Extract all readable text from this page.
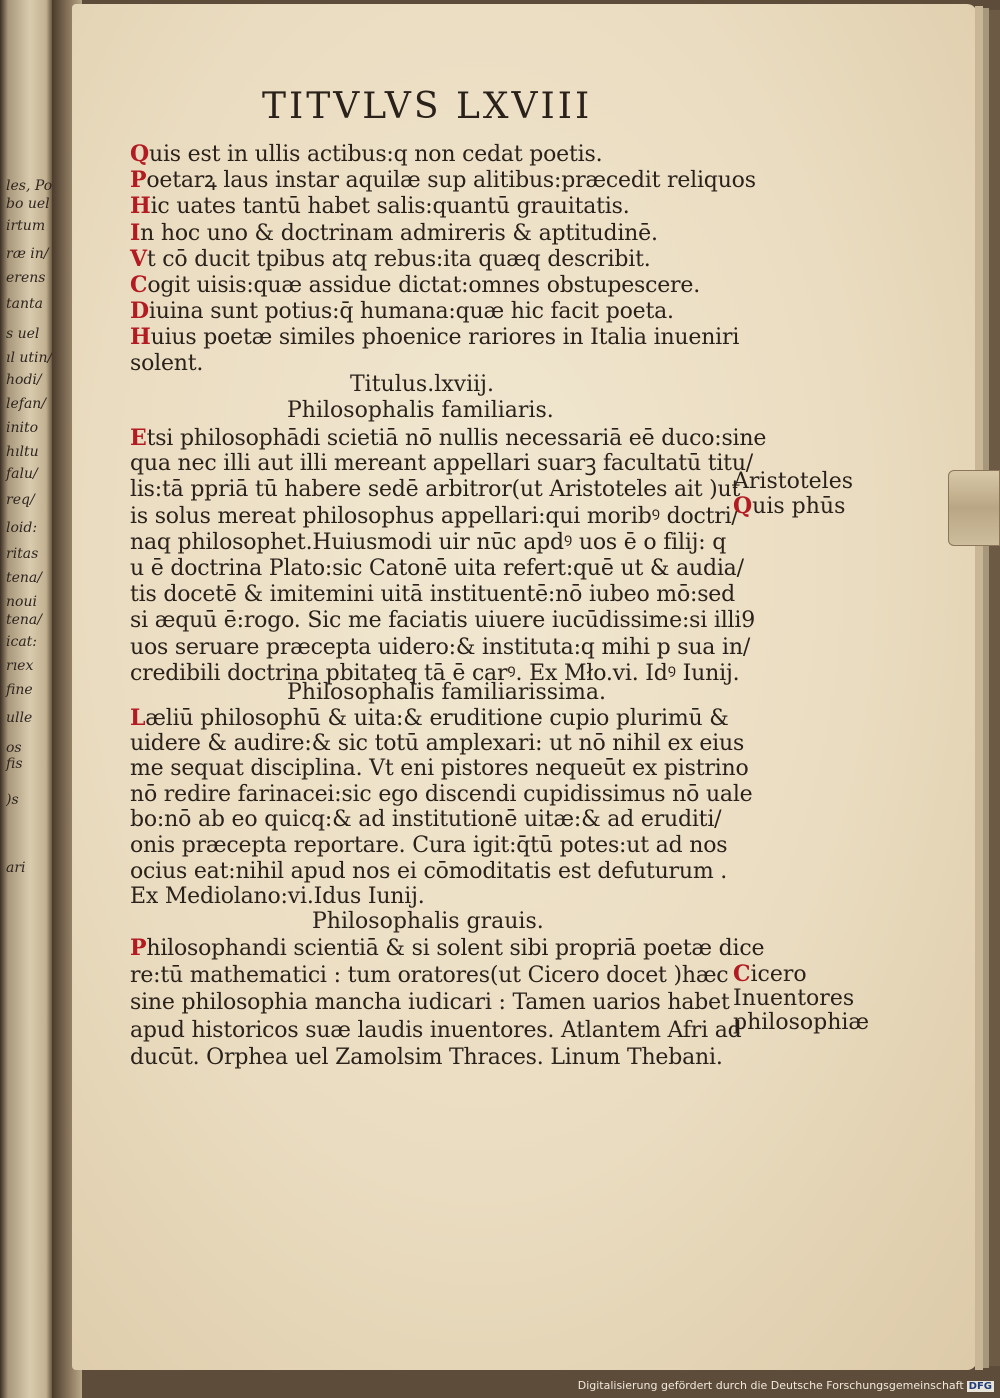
les, Po
bo uel
irtum
ræ in/
erens
tanta
s uel
ıl utin/
hodi/
lefan/
inito
hıltu
falu/
req/
loid:
ritas
tena/
noui
tena/
icat:
rıex
fine
ulle
os
fis
)s
ari
TITVLVS LXVIII
Quis est in ullis actibus:q non cedat poetis.
Poetarꝝ laus instar aquilæ sup alitibus:præcedit reliquos
Hic uates tantū habet salis:quantū grauitatis.
In hoc uno & doctrinam admireris & aptitudinē.
Vt cō ducit tpibus atq rebus:ita quæq describit.
Cogit uisis:quæ assidue dictat:omnes obstupescere.
Diuina sunt potius:q̄ humana:quæ hic facit poeta.
Huius poetæ similes phoenice rariores in Italia inueniri
solent.
Titulus.lxviij.
Philosophalis familiaris.
Etsi philosophādi scietiā nō nullis necessariā eē duco:sine
qua nec illi aut illi mereant appellari suarꝫ facultatū titu/
lis:tā ppriā tū habere sedē arbitror(ut Aristoteles ait )ut
is solus mereat philosophus appellari:qui moribꝰ doctri/
naq philosophet.Huiusmodi uir nūc apdꝰ uos ē o filij: q
u ē doctrina Plato:sic Catonē uita refert:quē ut & audia/
tis docetē & imitemini uitā instituentē:nō iubeo mō:sed
si æquū ē:rogo. Sic me faciatis uiuere iucūdissime:si illi9
uos seruare præcepta uidero:& instituta:q mihi p sua in/
credibili doctrina pbitateq tā ē carꝰ. Ex Mło.vi. Idꝰ Iunij.
Philosophalis familiarissima.
Læliū philosophū & uita:& eruditione cupio plurimū &
uidere & audire:& sic totū amplexari: ut nō nihil ex eius
me sequat disciplina. Vt eni pistores nequeūt ex pistrino
nō redire farinacei:sic ego discendi cupidissimus nō uale
bo:nō ab eo quicq:& ad institutionē uitæ:& ad eruditi/
onis præcepta reportare. Cura igit:q̄tū potes:ut ad nos
ocius eat:nihil apud nos ei cōmoditatis est defuturum .
Ex Mediolano:vi.Idus Iunij.
Philosophalis grauis.
Philosophandi scientiā & si solent sibi propriā poetæ dice
re:tū mathematici : tum oratores(ut Cicero docet )hæc
sine philosophia mancha iudicari : Tamen uarios habet
apud historicos suæ laudis inuentores. Atlantem Afri ad
ducūt. Orphea uel Zamolsim Thraces. Linum Thebani.
Aristoteles
Quis phūs
Cicero
Inuentores
philosophiæ
Digitalisierung gefördert durch die Deutsche Forschungsgemeinschaft DFG
